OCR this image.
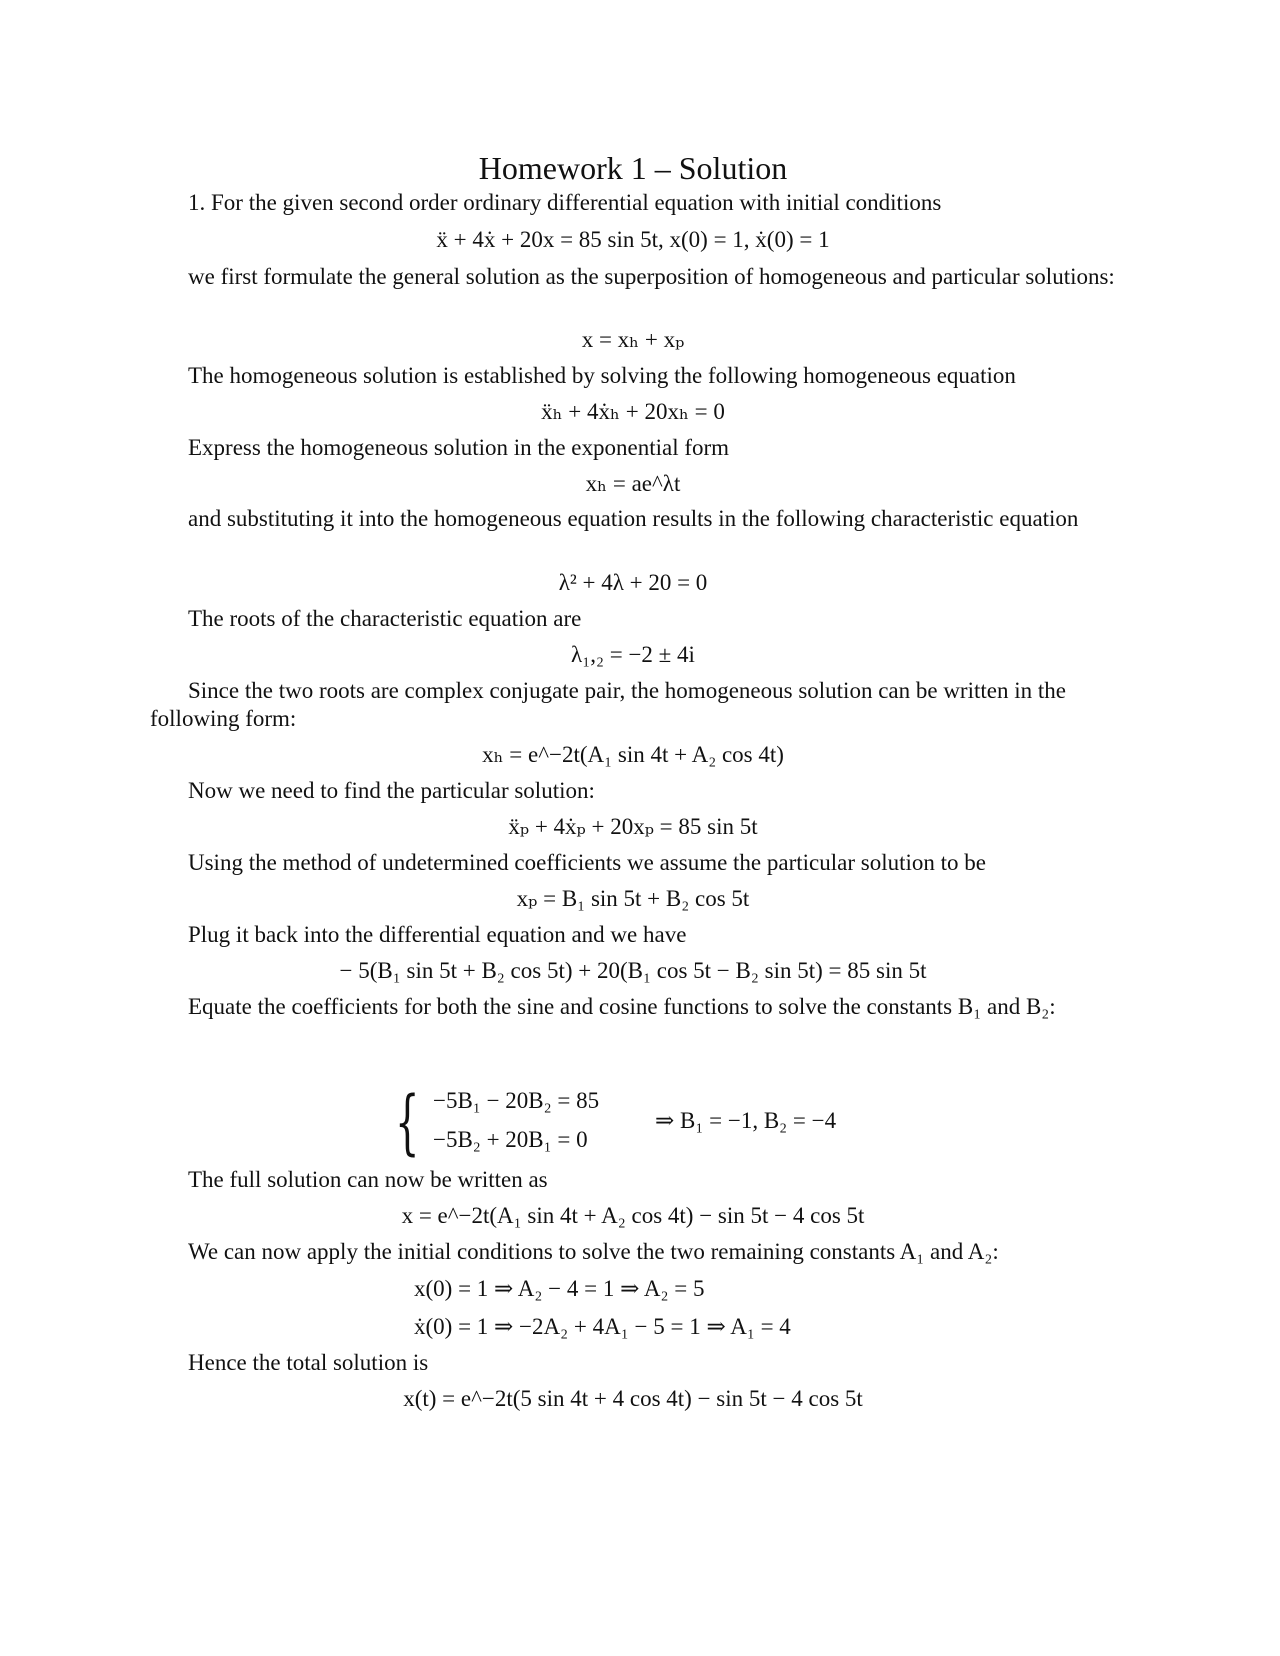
Homework 1 – Solution

1. For the given second order ordinary differential equation with initial conditions

ẍ + 4ẋ + 20x = 85 sin 5t, x(0) = 1, ẋ(0) = 1

we first formulate the general solution as the superposition of homogeneous and particular solutions:

x = xₕ + xₚ

The homogeneous solution is established by solving the following homogeneous equation

ẍₕ + 4ẋₕ + 20xₕ = 0

Express the homogeneous solution in the exponential form

xₕ = ae^λt

and substituting it into the homogeneous equation results in the following characteristic equation

λ² + 4λ + 20 = 0

The roots of the characteristic equation are

λ₁,₂ = −2 ± 4i

Since the two roots are complex conjugate pair, the homogeneous solution can be written in the following form:

xₕ = e^−2t(A₁ sin 4t + A₂ cos 4t)

Now we need to find the particular solution:

ẍₚ + 4ẋₚ + 20xₚ = 85 sin 5t

Using the method of undetermined coefficients we assume the particular solution to be

xₚ = B₁ sin 5t + B₂ cos 5t

Plug it back into the differential equation and we have

− 5(B₁ sin 5t + B₂ cos 5t) + 20(B₁ cos 5t − B₂ sin 5t) = 85 sin 5t

Equate the coefficients for both the sine and cosine functions to solve the constants B₁ and B₂:

{ −5B₁ − 20B₂ = 85
−5B₂ + 20B₁ = 0
⇒ B₁ = −1, B₂ = −4

The full solution can now be written as

x = e^−2t(A₁ sin 4t + A₂ cos 4t) − sin 5t − 4 cos 5t

We can now apply the initial conditions to solve the two remaining constants A₁ and A₂:

x(0) = 1 ⇒ A₂ − 4 = 1 ⇒ A₂ = 5
ẋ(0) = 1 ⇒ −2A₂ + 4A₁ − 5 = 1 ⇒ A₁ = 4

Hence the total solution is

x(t) = e^−2t(5 sin 4t + 4 cos 4t) − sin 5t − 4 cos 5t
